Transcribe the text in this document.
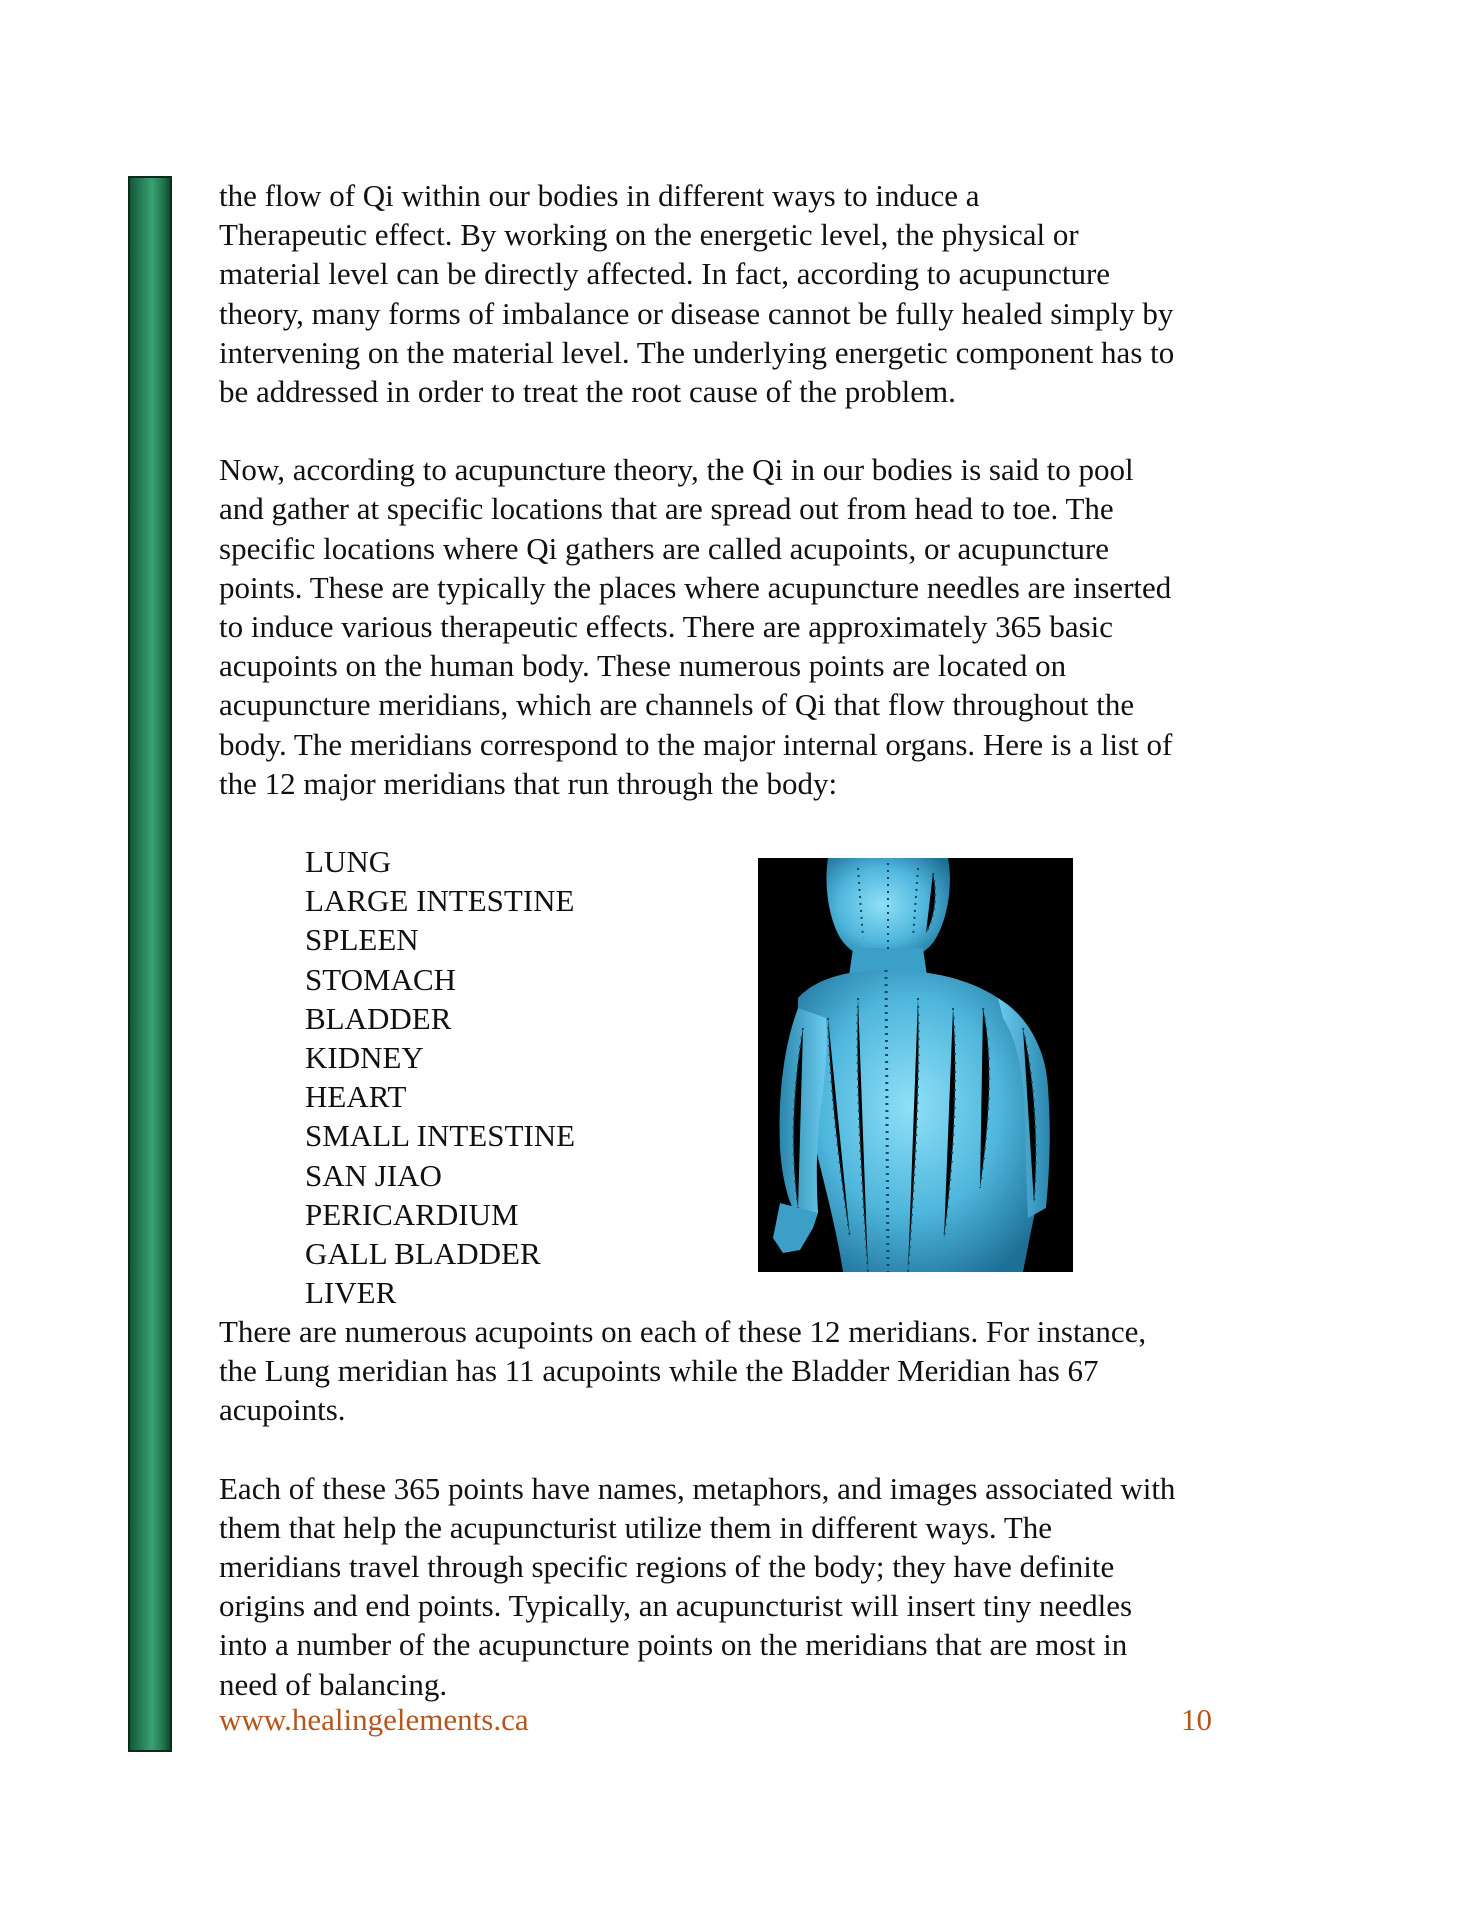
the flow of Qi within our bodies in different ways to induce a

Therapeutic effect. By working on the energetic level, the physical or

material level can be directly affected. In fact, according to acupuncture

theory, many forms of imbalance or disease cannot be fully healed simply by

intervening on the material level. The underlying energetic component has to

be addressed in order to treat the root cause of the problem.

Now, according to acupuncture theory, the Qi in our bodies is said to pool

and gather at specific locations that are spread out from head to toe. The

specific locations where Qi gathers are called acupoints, or acupuncture

points. These are typically the places where acupuncture needles are inserted

to induce various therapeutic effects. There are approximately 365 basic

acupoints on the human body. These numerous points are located on

acupuncture meridians, which are channels of Qi that flow throughout the

body. The meridians correspond to the major internal organs. Here is a list of

the 12 major meridians that run through the body:

LUNG
LARGE INTESTINE
SPLEEN
STOMACH
BLADDER
KIDNEY
HEART
SMALL INTESTINE
SAN JIAO
PERICARDIUM
GALL BLADDER
LIVER

There are numerous acupoints on each of these 12 meridians. For instance,

the Lung meridian has 11 acupoints while the Bladder Meridian has 67

acupoints.

Each of these 365 points have names, metaphors, and images associated with

them that help the acupuncturist utilize them in different ways. The

meridians travel through specific regions of the body; they have definite

origins and end points. Typically, an acupuncturist will insert tiny needles

into a number of the acupuncture points on the meridians that are most in

need of balancing.

www.healingelements.ca	10
